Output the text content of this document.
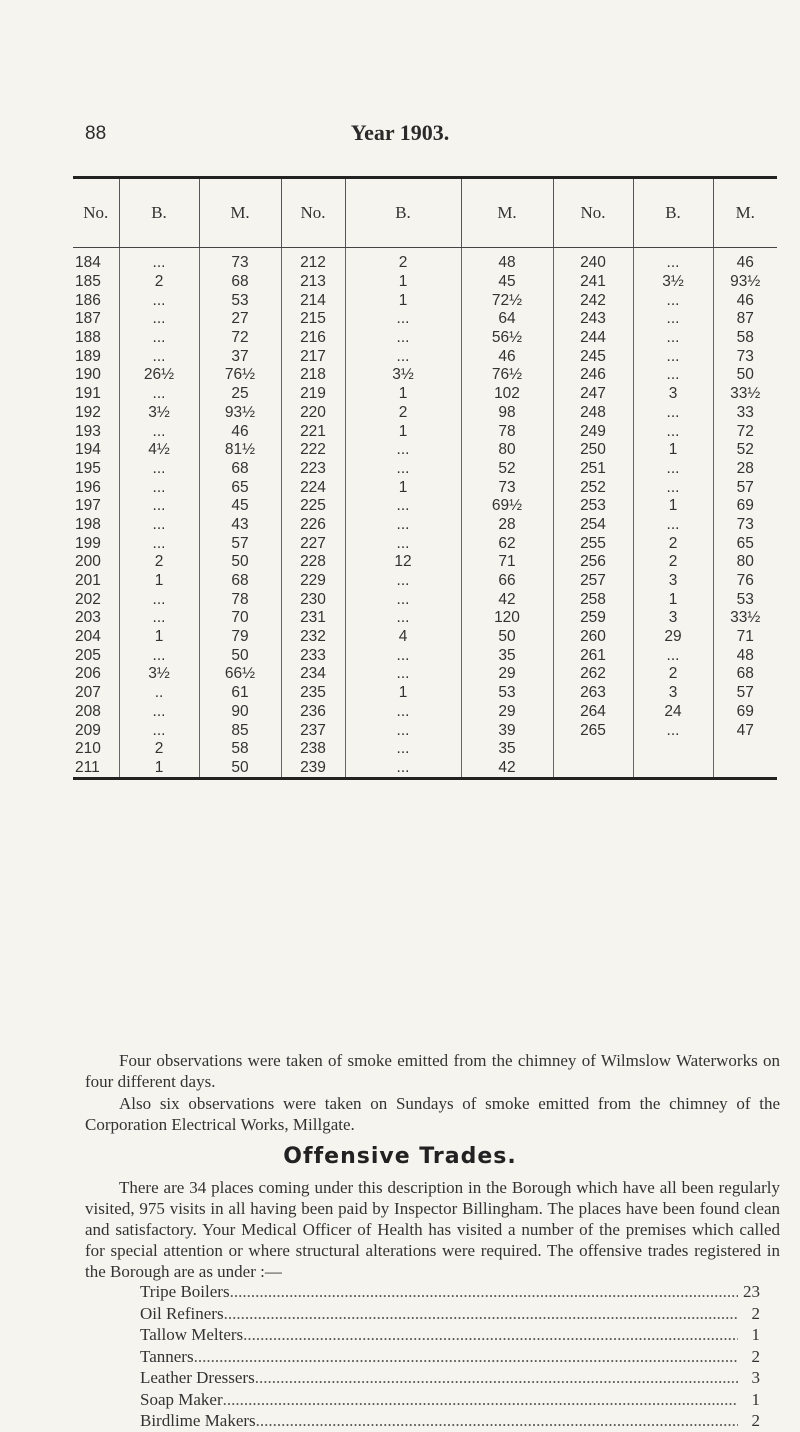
88	Year 1903.
No.	B.	M.	No.	B.	M.	No.	B.	M.
184	...	73	212	2	48	240	...	46
185	2	68	213	1	45	241	3½	93½
186	...	53	214	1	72½	242	...	46
187	...	27	215	...	64	243	...	87
188	...	72	216	...	56½	244	...	58
189	...	37	217	...	46	245	...	73
190	26½	76½	218	3½	76½	246	...	50
191	...	25	219	1	102	247	3	33½
192	3½	93½	220	2	98	248	...	33
193	...	46	221	1	78	249	...	72
194	4½	81½	222	...	80	250	1	52
195	...	68	223	...	52	251	...	28
196	...	65	224	1	73	252	...	57
197	...	45	225	...	69½	253	1	69
198	...	43	226	...	28	254	...	73
199	...	57	227	...	62	255	2	65
200	2	50	228	12	71	256	2	80
201	1	68	229	...	66	257	3	76
202	...	78	230	...	42	258	1	53
203	...	70	231	...	120	259	3	33½
204	1	79	232	4	50	260	29	71
205	...	50	233	...	35	261	...	48
206	3½	66½	234	...	29	262	2	68
207	..	61	235	1	53	263	3	57
208	...	90	236	...	29	264	24	69
209	...	85	237	...	39	265	...	47
210	2	58	238	...	35			
211	1	50	239	...	42			

Four observations were taken of smoke emitted from the chimney of Wilmslow Waterworks on four different days.

Also six observations were taken on Sundays of smoke emitted from the chimney of the Corporation Electrical Works, Millgate.

Offensive Trades.

There are 34 places coming under this description in the Borough which have all been regularly visited, 975 visits in all having been paid by Inspector Billingham. The places have been found clean and satisfactory. Your Medical Officer of Health has visited a number of the premises which called for special attention or where structural alterations were required. The offensive trades registered in the Borough are as under :—

Tripe Boilers .....	23
Oil Refiners .....	2
Tallow Melters .....	1
Tanners .....	2
Leather Dressers .....	3
Soap Maker .....	1
Birdlime Makers .....	2
